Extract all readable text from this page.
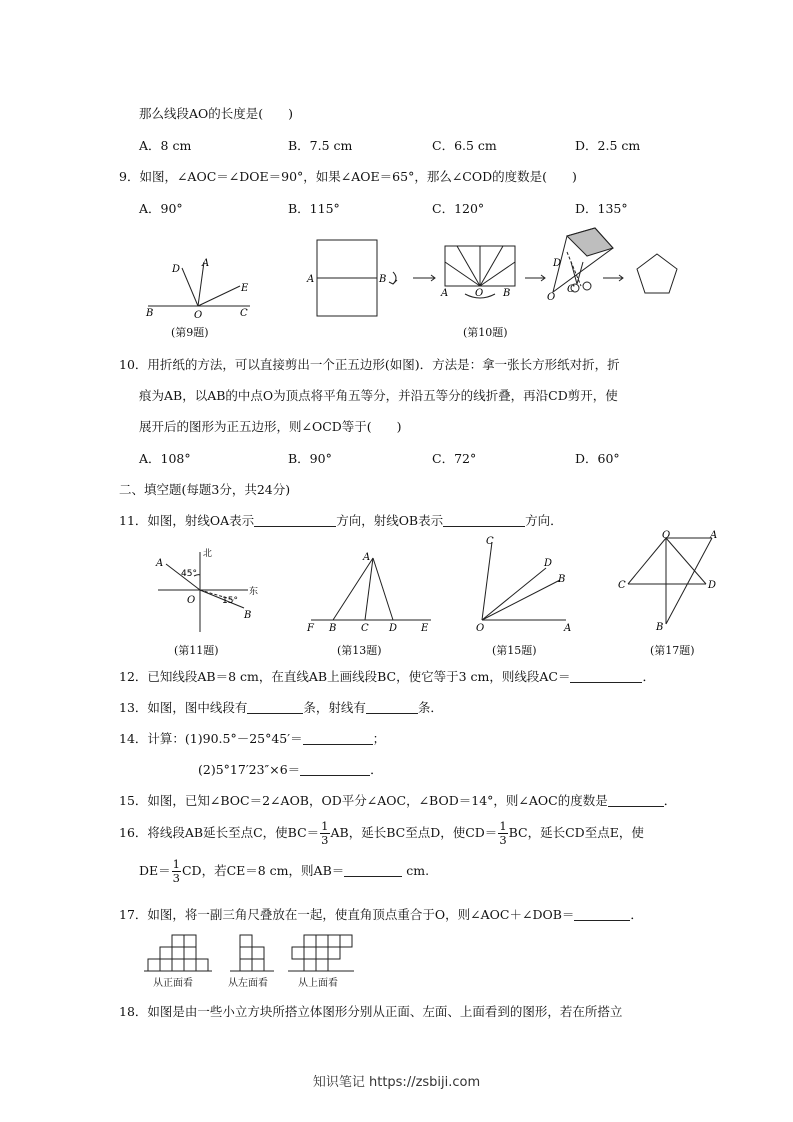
那么线段AO的长度是(　　)
A．8 cm	B．7.5 cm	C．6.5 cm	D．2.5 cm
9．如图，∠AOC＝∠DOE＝90°，如果∠AOE＝65°，那么∠COD的度数是(　　)
A．90°	B．115°	C．120°	D．135°
D
A
E
B	O	C
(第9题)
A	B
A	O B
D
O
C
(第10题)
10．用折纸的方法，可以直接剪出一个正五边形(如图)．方法是：拿一张长方形纸对折，折
痕为AB，以AB的中点O为顶点将平角五等分，并沿五等分的线折叠，再沿CD剪开，使
展开后的图形为正五边形，则∠OCD等于(　　)
A．108°	B．90°	C．72°	D．60°
二、填空题(每题3分，共24分)
11．如图，射线OA表示	方向，射线OB表示	方向．
北
东
45°
15°
A
O
B
(第11题)
A
F B C D E
(第13题)
C
D
B
O	A
(第15题)
O	A
C	D
B
(第17题)
12．已知线段AB＝8 cm，在直线AB上画线段BC，使它等于3 cm，则线段AC＝	．
13．如图，图中线段有	条，射线有	条．
14．计算：(1)90.5°－25°45′＝	；
(2)5°17′23″×6＝	．
15．如图，已知∠BOC＝2∠AOB，OD平分∠AOC，∠BOD＝14°，则∠AOC的度数是	．
16．将线段AB延长至点C，使$BC= \frac{1}{3}$ AB，延长BC至点D，使$CD= \frac{1}{3}$ BC，延长CD至点E，使
$DE= \frac{1}{3}$ CD，若CE＝8 cm，则AB＝	cm.
17．如图，将一副三角尺叠放在一起，使直角顶点重合于O，则∠AOC＋∠DOB＝	．
从正面看	从左面看	从上面看
18．如图是由一些小立方块所搭立体图形分别从正面、左面、上面看到的图形，若在所搭立
知识笔记 https://zsbiji.com
